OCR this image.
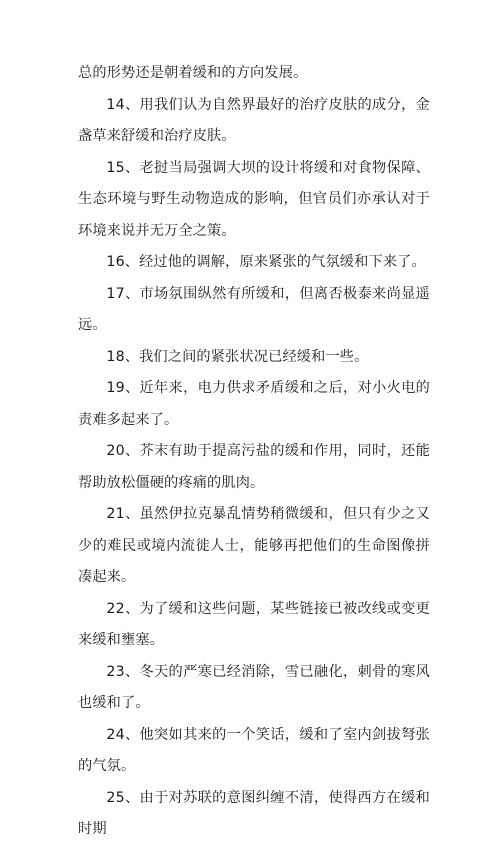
总的形势还是朝着缓和的方向发展。

14、用我们认为自然界最好的治疗皮肤的成分，金盏草来舒缓和治疗皮肤。

15、老挝当局强调大坝的设计将缓和对食物保障、生态环境与野生动物造成的影响，但官员们亦承认对于环境来说并无万全之策。

16、经过他的调解，原来紧张的气氛缓和下来了。

17、市场氛围纵然有所缓和，但离否极泰来尚显遥远。

18、我们之间的紧张状况已经缓和一些。

19、近年来，电力供求矛盾缓和之后，对小火电的责难多起来了。

20、芥末有助于提高污盐的缓和作用，同时，还能帮助放松僵硬的疼痛的肌肉。

21、虽然伊拉克暴乱情势稍微缓和，但只有少之又少的难民或境内流徙人士，能够再把他们的生命图像拼凑起来。

22、为了缓和这些问题，某些链接已被改线或变更来缓和壅塞。

23、冬天的严寒已经消除，雪已融化，刺骨的寒风也缓和了。

24、他突如其来的一个笑话，缓和了室内剑拔弩张的气氛。

25、由于对苏联的意图纠缠不清，使得西方在缓和时期
